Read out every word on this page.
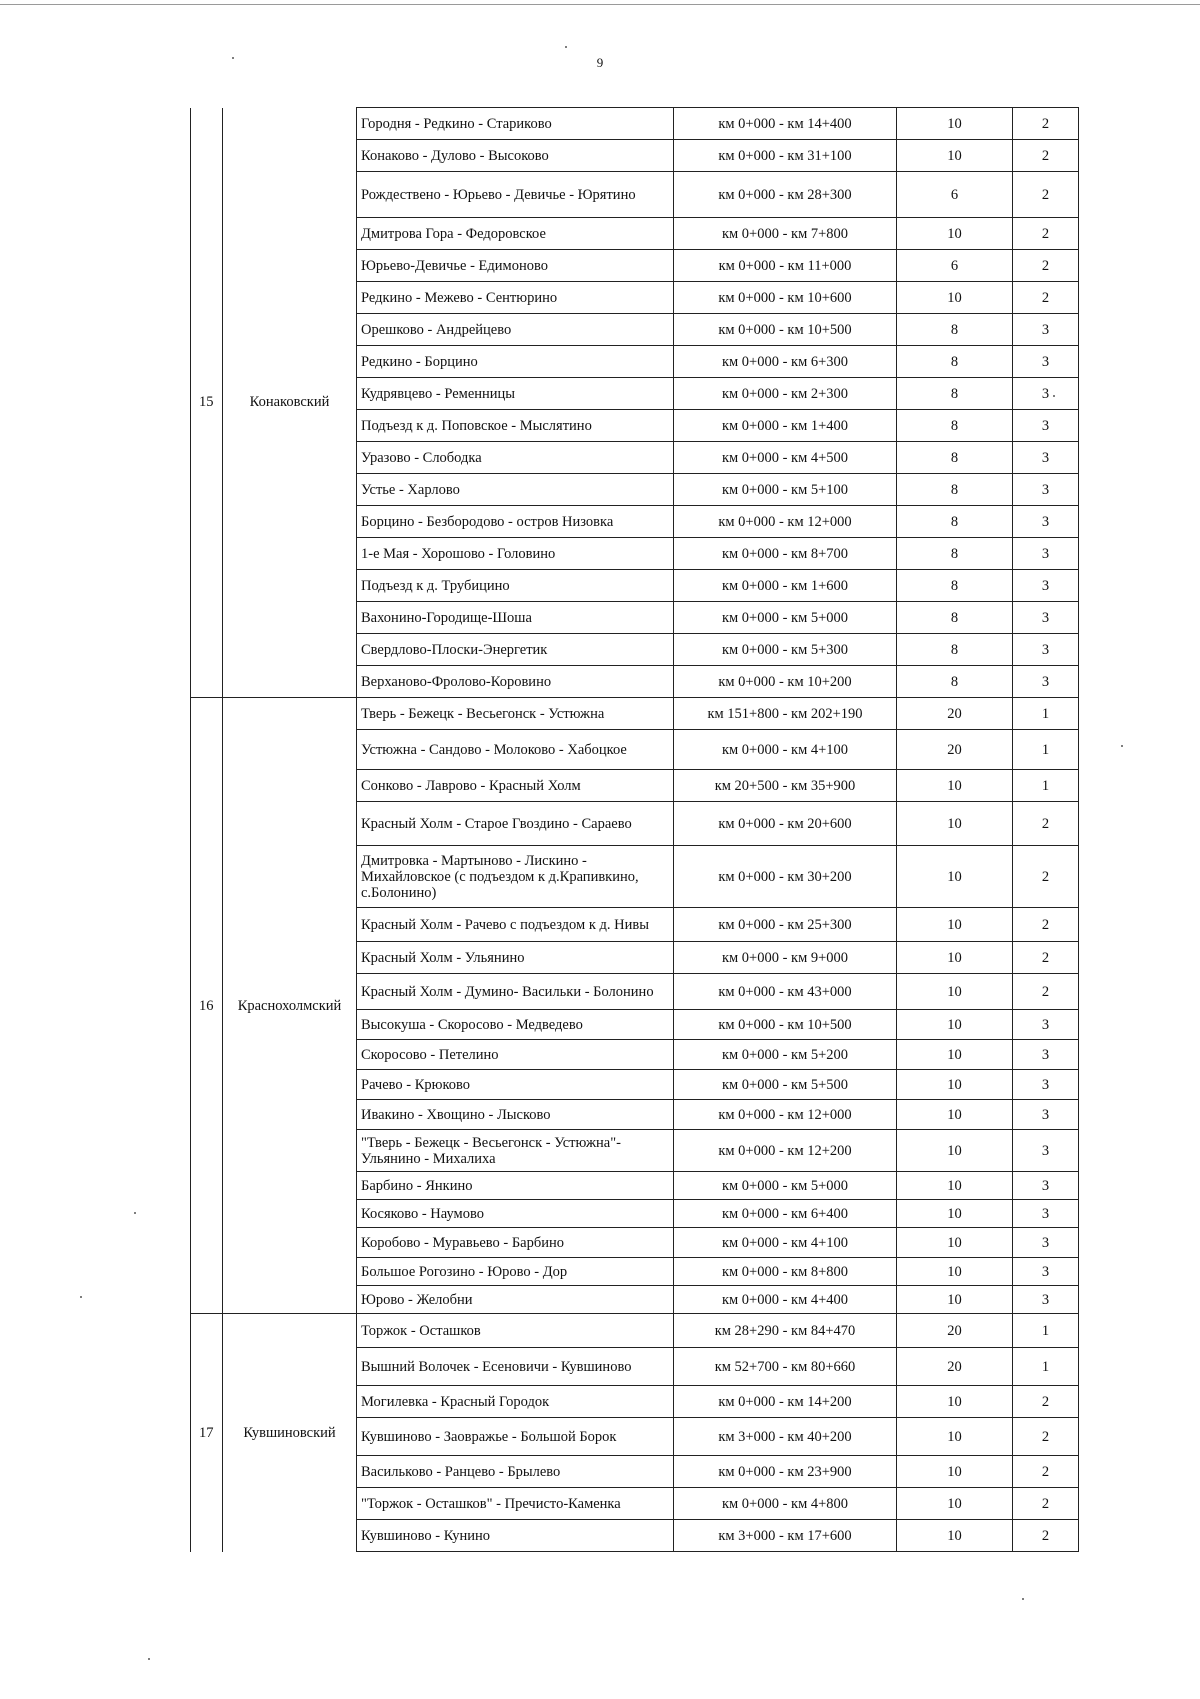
9
15	Конаковский	Городня - Редкино - Стариково	км 0+000 - км 14+400	10	2
		Конаково - Дулово - Высоково	км 0+000 - км 31+100	10	2
		Рождествено - Юрьево - Девичье - Юрятино	км 0+000 - км 28+300	6	2
		Дмитрова Гора - Федоровское	км 0+000 - км 7+800	10	2
		Юрьево-Девичье - Едимоново	км 0+000 - км 11+000	6	2
		Редкино - Межево - Сентюрино	км 0+000 - км 10+600	10	2
		Орешково - Андрейцево	км 0+000 - км 10+500	8	3
		Редкино - Борцино	км 0+000 - км 6+300	8	3
		Кудрявцево - Ременницы	км 0+000 - км 2+300	8	3
		Подъезд к д. Поповское - Мыслятино	км 0+000 - км 1+400	8	3
		Уразово - Слободка	км 0+000 - км 4+500	8	3
		Устье - Харлово	км 0+000 - км 5+100	8	3
		Борцино - Безбородово - остров Низовка	км 0+000 - км 12+000	8	3
		1-е Мая - Хорошово - Головино	км 0+000 - км 8+700	8	3
		Подъезд к д. Трубицино	км 0+000 - км 1+600	8	3
		Вахонино-Городище-Шоша	км 0+000 - км 5+000	8	3
		Свердлово-Плоски-Энергетик	км 0+000 - км 5+300	8	3
		Верханово-Фролово-Коровино	км 0+000 - км 10+200	8	3
16	Краснохолмский	Тверь - Бежецк - Весьегонск - Устюжна	км 151+800 - км 202+190	20	1
		Устюжна - Сандово - Молоково - Хабоцкое	км 0+000 - км 4+100	20	1
		Сонково - Лаврово - Красный Холм	км 20+500 - км 35+900	10	1
		Красный Холм - Старое Гвоздино - Сараево	км 0+000 - км 20+600	10	2
		Дмитровка - Мартыново - Лискино - Михайловское (с подъездом к д.Крапивкино, с.Болонино)	км 0+000 - км 30+200	10	2
		Красный Холм - Рачево с подъездом к д. Нивы	км 0+000 - км 25+300	10	2
		Красный Холм - Ульянино	км 0+000 - км 9+000	10	2
		Красный Холм - Думино- Васильки - Болонино	км 0+000 - км 43+000	10	2
		Высокуша - Скоросово - Медведево	км 0+000 - км 10+500	10	3
		Скоросово - Петелино	км 0+000 - км 5+200	10	3
		Рачево - Крюково	км 0+000 - км 5+500	10	3
		Ивакино - Хвощино - Лысково	км 0+000 - км 12+000	10	3
		"Тверь - Бежецк - Весьегонск - Устюжна"- Ульянино - Михалиха	км 0+000 - км 12+200	10	3
		Барбино - Янкино	км 0+000 - км 5+000	10	3
		Косяково - Наумово	км 0+000 - км 6+400	10	3
		Коробово - Муравьево - Барбино	км 0+000 - км 4+100	10	3
		Большое Рогозино - Юрово - Дор	км 0+000 - км 8+800	10	3
		Юрово - Желобни	км 0+000 - км 4+400	10	3
17	Кувшиновский	Торжок - Осташков	км 28+290 - км 84+470	20	1
		Вышний Волочек - Есеновичи - Кувшиново	км 52+700 - км 80+660	20	1
		Могилевка - Красный Городок	км 0+000 - км 14+200	10	2
		Кувшиново - Заовражье - Большой Борок	км 3+000 - км 40+200	10	2
		Васильково - Ранцево - Брылево	км 0+000 - км 23+900	10	2
		"Торжок - Осташков" - Пречисто-Каменка	км 0+000 - км 4+800	10	2
		Кувшиново - Кунино	км 3+000 - км 17+600	10	2
